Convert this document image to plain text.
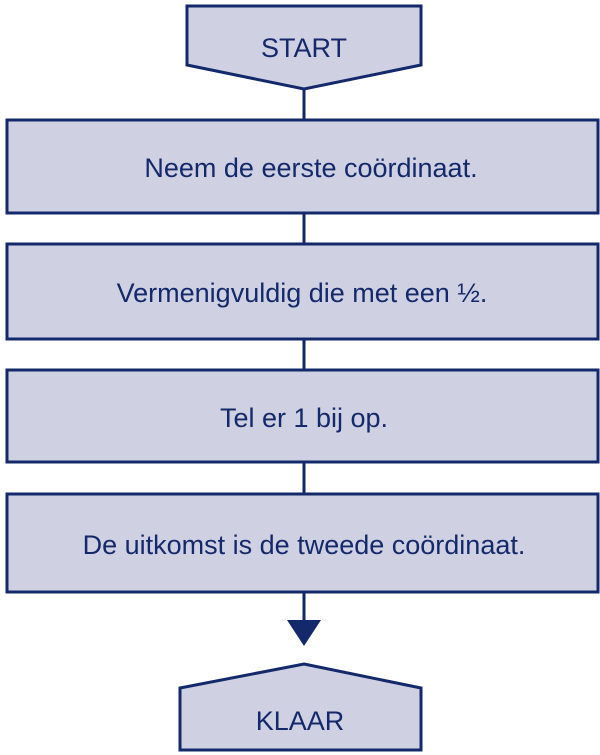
START
Neem de eerste coördinaat.
Vermenigvuldig die met een ½.
Tel er 1 bij op.
De uitkomst is de tweede coördinaat.
KLAAR
